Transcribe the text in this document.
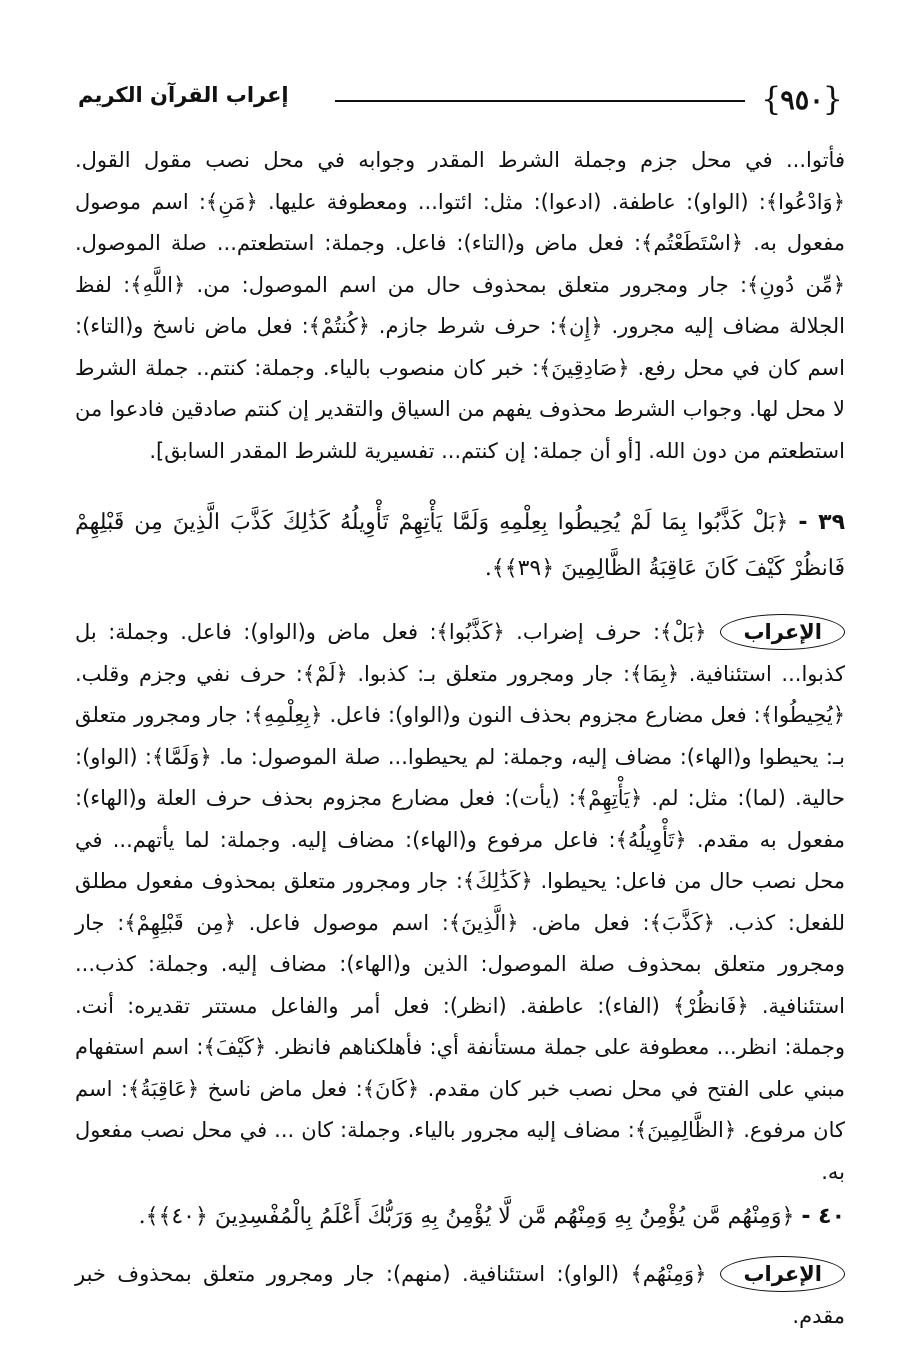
{ ٩٥٠ }
إعراب القرآن الكريم

فأتوا... في محل جزم وجملة الشرط المقدر وجوابه في محل نصب مقول القول. ﴿وَادْعُوا﴾: (الواو): عاطفة. (ادعوا): مثل: ائتوا... ومعطوفة عليها. ﴿مَنِ﴾: اسم موصول مفعول به. ﴿اسْتَطَعْتُم﴾: فعل ماض و(التاء): فاعل. وجملة: استطعتم... صلة الموصول. ﴿مِّن دُونِ﴾: جار ومجرور متعلق بمحذوف حال من اسم الموصول: من. ﴿اللَّهِ﴾: لفظ الجلالة مضاف إليه مجرور. ﴿إِن﴾: حرف شرط جازم. ﴿كُنتُمْ﴾: فعل ماض ناسخ و(التاء): اسم كان في محل رفع. ﴿صَادِقِينَ﴾: خبر كان منصوب بالياء. وجملة: كنتم.. جملة الشرط لا محل لها. وجواب الشرط محذوف يفهم من السياق والتقدير إن كنتم صادقين فادعوا من استطعتم من دون الله. [أو أن جملة: إن كنتم... تفسيرية للشرط المقدر السابق].

٣٩ - ﴿بَلْ كَذَّبُوا بِمَا لَمْ يُحِيطُوا بِعِلْمِهِ وَلَمَّا يَأْتِهِمْ تَأْوِيلُهُ كَذَٰلِكَ كَذَّبَ الَّذِينَ مِن قَبْلِهِمْ فَانظُرْ كَيْفَ كَانَ عَاقِبَةُ الظَّالِمِينَ ﴿٣٩﴾﴾.

الإعراب
﴿بَلْ﴾: حرف إضراب. ﴿كَذَّبُوا﴾: فعل ماض و(الواو): فاعل. وجملة: بل كذبوا... استئنافية. ﴿بِمَا﴾: جار ومجرور متعلق بـ: كذبوا. ﴿لَمْ﴾: حرف نفي وجزم وقلب. ﴿يُحِيطُوا﴾: فعل مضارع مجزوم بحذف النون و(الواو): فاعل. ﴿بِعِلْمِهِ﴾: جار ومجرور متعلق بـ: يحيطوا و(الهاء): مضاف إليه، وجملة: لم يحيطوا... صلة الموصول: ما. ﴿وَلَمَّا﴾: (الواو): حالية. (لما): مثل: لم. ﴿يَأْتِهِمْ﴾: (يأت): فعل مضارع مجزوم بحذف حرف العلة و(الهاء): مفعول به مقدم. ﴿تَأْوِيلُهُ﴾: فاعل مرفوع و(الهاء): مضاف إليه. وجملة: لما يأتهم... في محل نصب حال من فاعل: يحيطوا. ﴿كَذَٰلِكَ﴾: جار ومجرور متعلق بمحذوف مفعول مطلق للفعل: كذب. ﴿كَذَّبَ﴾: فعل ماض. ﴿الَّذِينَ﴾: اسم موصول فاعل. ﴿مِن قَبْلِهِمْ﴾: جار ومجرور متعلق بمحذوف صلة الموصول: الذين و(الهاء): مضاف إليه. وجملة: كذب... استئنافية. ﴿فَانظُرْ﴾ (الفاء): عاطفة. (انظر): فعل أمر والفاعل مستتر تقديره: أنت. وجملة: انظر... معطوفة على جملة مستأنفة أي: فأهلكناهم فانظر. ﴿كَيْفَ﴾: اسم استفهام مبني على الفتح في محل نصب خبر كان مقدم. ﴿كَانَ﴾: فعل ماض ناسخ ﴿عَاقِبَةُ﴾: اسم كان مرفوع. ﴿الظَّالِمِينَ﴾: مضاف إليه مجرور بالياء. وجملة: كان ... في محل نصب مفعول به.

٤٠ - ﴿وَمِنْهُم مَّن يُؤْمِنُ بِهِ وَمِنْهُم مَّن لَّا يُؤْمِنُ بِهِ وَرَبُّكَ أَعْلَمُ بِالْمُفْسِدِينَ ﴿٤٠﴾﴾.

الإعراب
﴿وَمِنْهُم﴾ (الواو): استئنافية. (منهم): جار ومجرور متعلق بمحذوف خبر مقدم.
